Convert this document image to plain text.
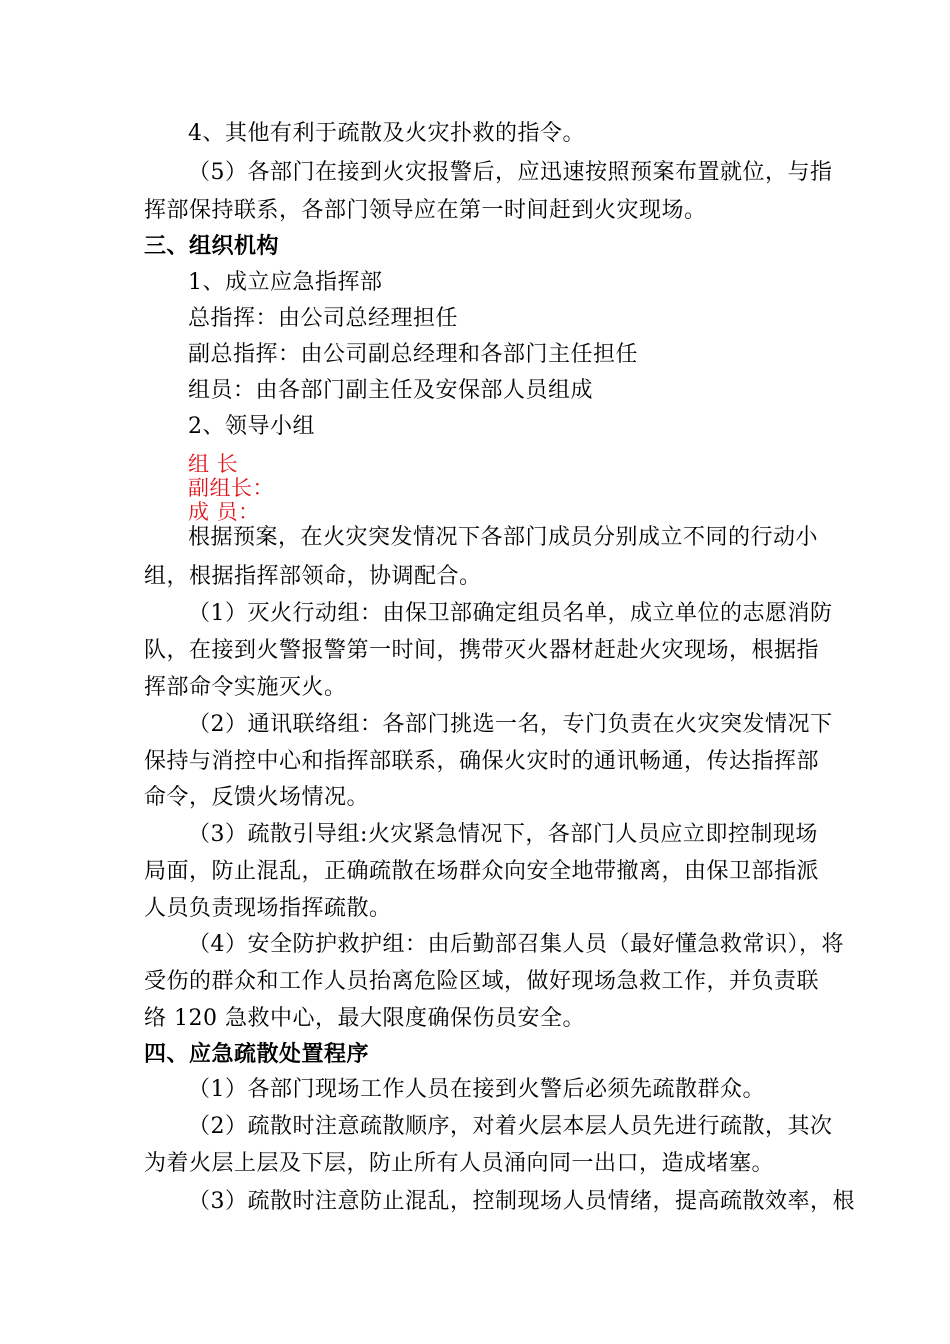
4、其他有利于疏散及火灾扑救的指令。
（5）各部门在接到火灾报警后，应迅速按照预案布置就位，与指
挥部保持联系，各部门领导应在第一时间赶到火灾现场。
三、组织机构
1、成立应急指挥部
总指挥：由公司总经理担任
副总指挥：由公司副总经理和各部门主任担任
组员：由各部门副主任及安保部人员组成
2、领导小组
组 长
副组长：
成 员：
根据预案，在火灾突发情况下各部门成员分别成立不同的行动小
组，根据指挥部领命，协调配合。
（1）灭火行动组：由保卫部确定组员名单，成立单位的志愿消防
队，在接到火警报警第一时间，携带灭火器材赶赴火灾现场，根据指
挥部命令实施灭火。
（2）通讯联络组：各部门挑选一名，专门负责在火灾突发情况下
保持与消控中心和指挥部联系，确保火灾时的通讯畅通，传达指挥部
命令，反馈火场情况。
（3）疏散引导组:火灾紧急情况下，各部门人员应立即控制现场
局面，防止混乱，正确疏散在场群众向安全地带撤离，由保卫部指派
人员负责现场指挥疏散。
（4）安全防护救护组：由后勤部召集人员（最好懂急救常识），将
受伤的群众和工作人员抬离危险区域，做好现场急救工作，并负责联
络 120 急救中心，最大限度确保伤员安全。
四、应急疏散处置程序
（1）各部门现场工作人员在接到火警后必须先疏散群众。
（2）疏散时注意疏散顺序，对着火层本层人员先进行疏散，其次
为着火层上层及下层，防止所有人员涌向同一出口，造成堵塞。
（3）疏散时注意防止混乱，控制现场人员情绪，提高疏散效率，根
